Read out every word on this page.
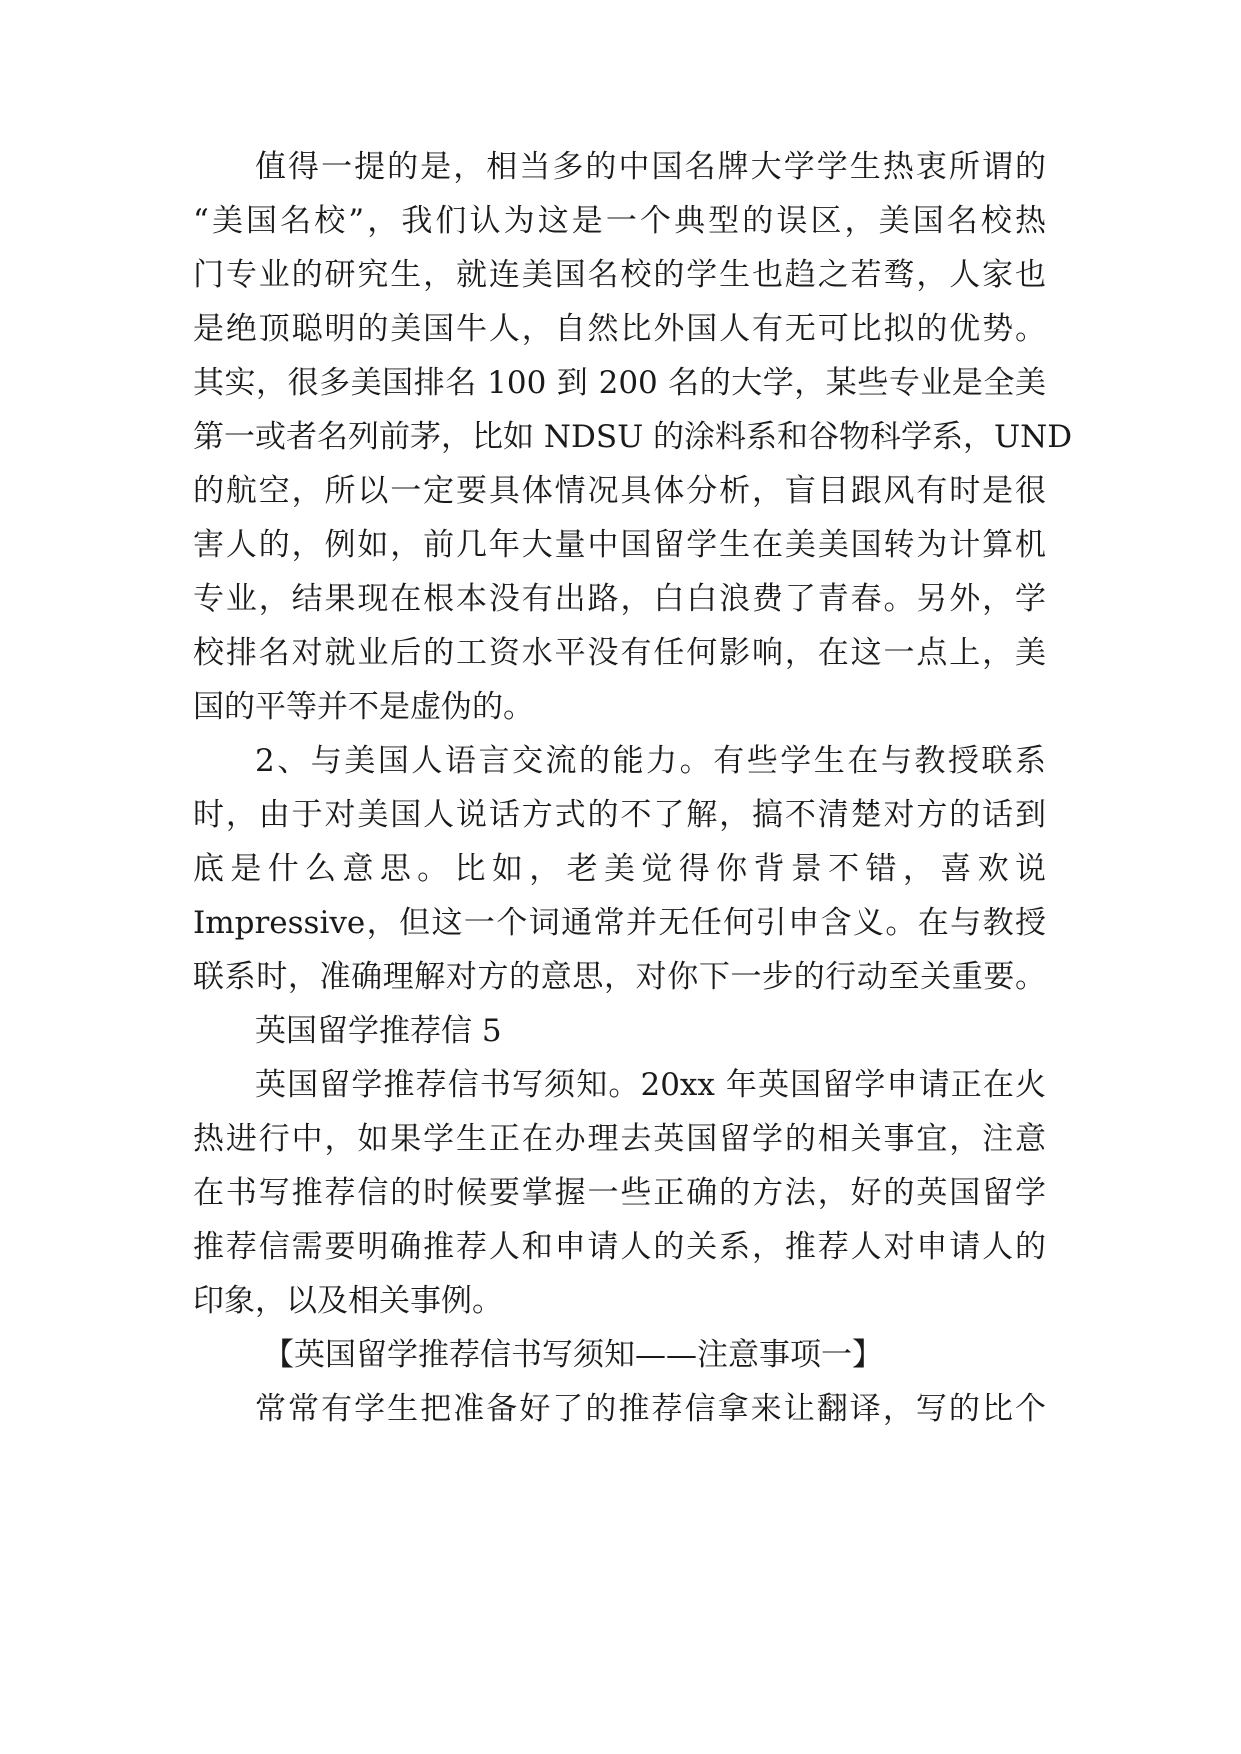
值得一提的是，相当多的中国名牌大学学生热衷所谓的
“美国名校”，我们认为这是一个典型的误区，美国名校热
门专业的研究生，就连美国名校的学生也趋之若骛，人家也
是绝顶聪明的美国牛人，自然比外国人有无可比拟的优势。
其实，很多美国排名 100 到 200 名的大学，某些专业是全美
第一或者名列前茅，比如 NDSU 的涂料系和谷物科学系，UND
的航空，所以一定要具体情况具体分析，盲目跟风有时是很
害人的，例如，前几年大量中国留学生在美美国转为计算机
专业，结果现在根本没有出路，白白浪费了青春。另外，学
校排名对就业后的工资水平没有任何影响，在这一点上，美
国的平等并不是虚伪的。
2、与美国人语言交流的能力。有些学生在与教授联系
时，由于对美国人说话方式的不了解，搞不清楚对方的话到
底是什么意思。比如，老美觉得你背景不错，喜欢说
Impressive，但这一个词通常并无任何引申含义。在与教授
联系时，准确理解对方的意思，对你下一步的行动至关重要。
英国留学推荐信 5
英国留学推荐信书写须知。20xx 年英国留学申请正在火
热进行中，如果学生正在办理去英国留学的相关事宜，注意
在书写推荐信的时候要掌握一些正确的方法，好的英国留学
推荐信需要明确推荐人和申请人的关系，推荐人对申请人的
印象，以及相关事例。
【英国留学推荐信书写须知——注意事项一】
常常有学生把准备好了的推荐信拿来让翻译，写的比个
